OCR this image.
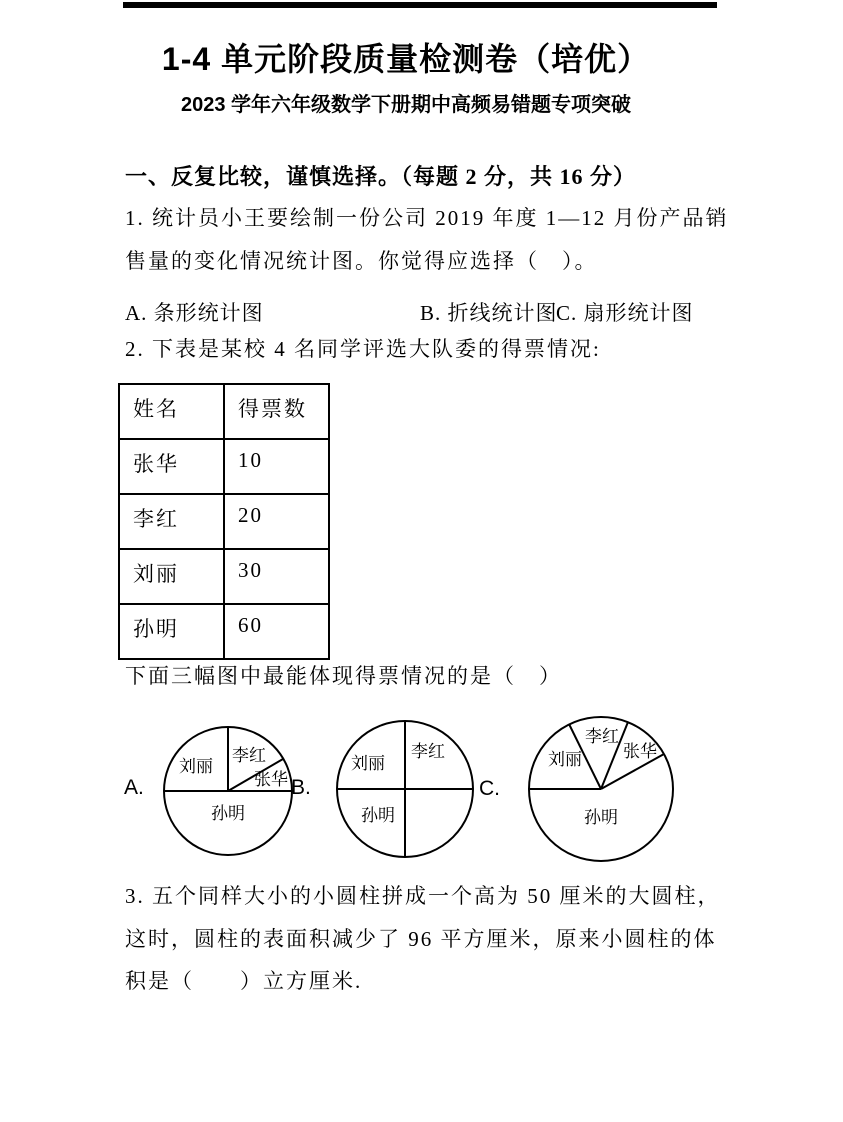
1-4 单元阶段质量检测卷（培优）
2023 学年六年级数学下册期中高频易错题专项突破
一、反复比较，谨慎选择。（每题 2 分，共 16 分）
1. 统计员小王要绘制一份公司 2019 年度 1—12 月份产品销
售量的变化情况统计图。你觉得应选择（　）。
A. 条形统计图	B. 折线统计图
C. 扇形统计图
2. 下表是某校 4 名同学评选大队委的得票情况:
姓名	得票数
张华	10
李红	20
刘丽	30
孙明	60
下面三幅图中最能体现得票情况的是（　）
刘丽
李红
张华
孙明
刘丽
李红
孙明
刘丽
李红
张华
孙明
A.	B.	C.
3. 五个同样大小的小圆柱拼成一个高为 50 厘米的大圆柱，
这时，圆柱的表面积减少了 96 平方厘米，原来小圆柱的体
积是（　　）立方厘米.
